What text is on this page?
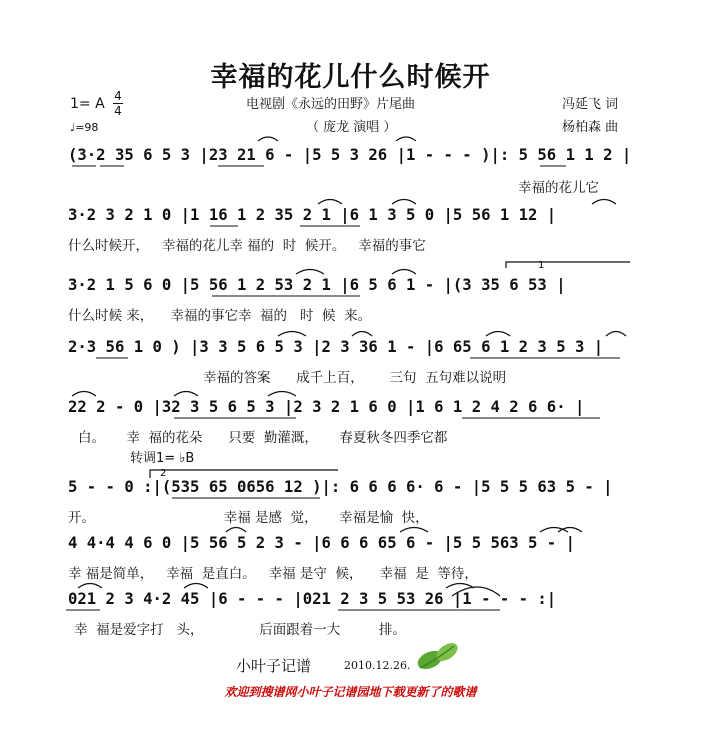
幸福的花儿什么时候开
电视剧《永远的田野》片尾曲
（ 庞龙 演唱 ）
冯延飞 词
杨柏森 曲
1= A 4
4
♩=98
(3·2 35 6 5 3 |23 21 6 - |5 5 3 26 |1 - - - )|: 5 56 1 1 2 |
幸福的花儿它
3·2 3 2 1 0 |1 16 1 2 35 2 1 |6 1 3 5 0 |5 56 1 12 |
什么时候开，   幸福的花儿幸 福的  时  候开。   幸福的事它
3·2 1 5 6 0 |5 56 1 2 53 2 1 |6 5 6 1 - |(3 35 6 53 |
什么时候 来，    幸福的事它幸  福的   时  候  来。
2·3 56 1 0 ) |3 3 5 6 5 3 |2 3 36 1 - |6 65 6 1 2 3 5 3 |
幸福的答案      成千上百，      三句  五句难以说明
22 2 - 0 |32 3 5 6 5 3 |2 3 2 1 6 0 |1 6 1 2 4 2 6 6· |
白。     幸  福的花朵      只要  勤灌溉，     春夏秋冬四季它都
转调1= ♭B
5 - - 0 :|(535 65 0656 12 )|: 6 6 6 6· 6 - |5 5 5 63 5 - |
开。                              幸福 是感  觉，     幸福是愉  快，
4 4·4 4 6 0 |5 56 5 2 3 - |6 6 6 65 6 - |5 5 563 5 - |
幸 福是简单，   幸福  是直白。   幸福 是守  候，    幸福  是  等待，
021 2 3 4·2 45 |6 - - - |021 2 3 5 53 26 |1 - - - :|
幸  福是爱字打   头，             后面跟着一大         排。
1
2
小叶子记谱	2010.12.26.
欢迎到搜谱网小叶子记谱园地下载更新了的歌谱
